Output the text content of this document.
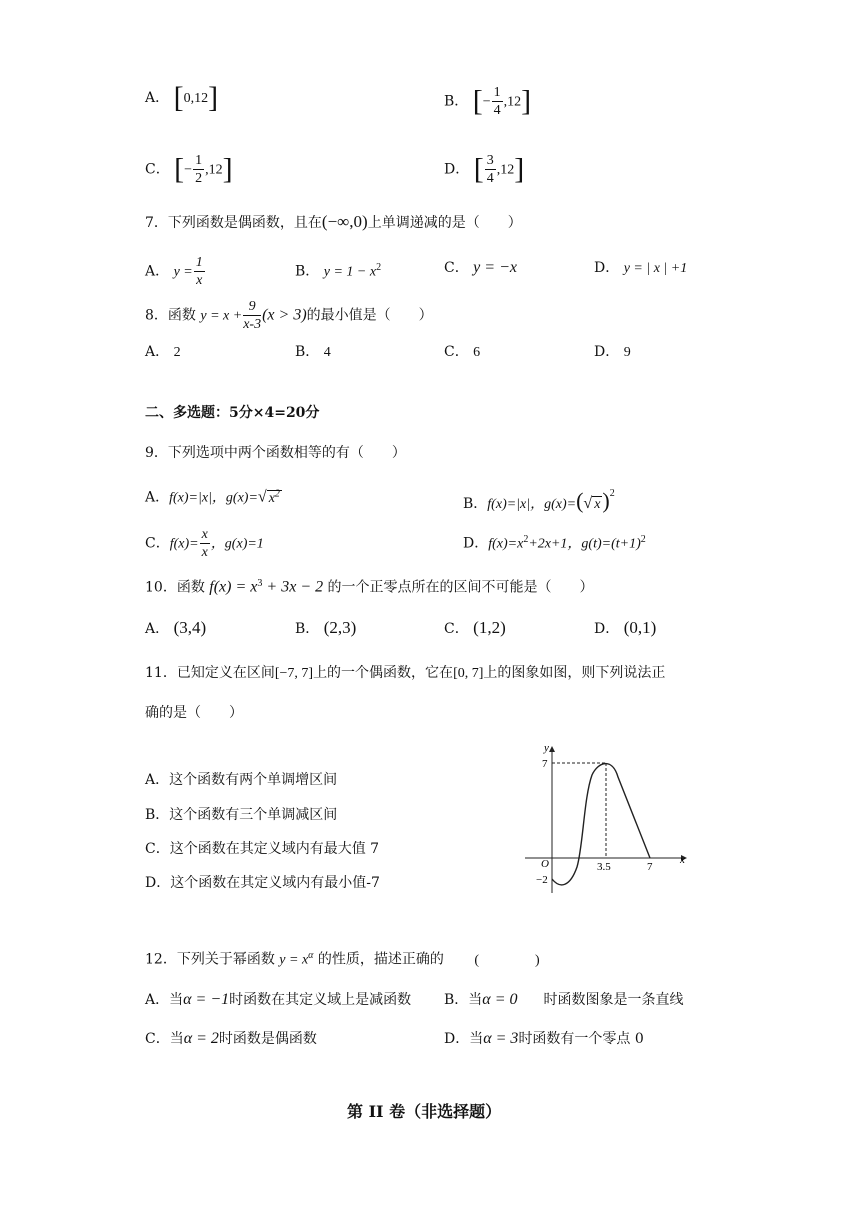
A． [0,12]	B． [− $\frac{1}{4} ,12$]
C． [− $\frac{1}{2} ,12$]	D． [ $\frac{3}{4} ,12$]
7．下列函数是偶函数，且在(−∞,0)上单调递减的是（　　）
A． $y = \frac{1}{x}$	B． $y = 1 - x^2$	C． y = −x	D． y = | x | +1
8．函数 $y = x + \frac{9}{x-3} (x > 3)$的最小值是（　　）
A． 2	B． 4	C． 6	D． 9
二、多选题：5分×4=20分
9．下列选项中两个函数相等的有（　　）
A．f(x)=|x|，g(x)=√ $x^2$
B．f(x)=|x|，g(x)=(√ x)$^2$
C．$f(x)= \frac{x}{x}$ ，g(x)=1	D．$f(x)=x^2+2x+1$，$g(t)=(t+1)^2$
10．函数 $f(x) = x^3 + 3x - 2$ 的一个正零点所在的区间不可能是（　　）
A． (3,4)	B． (2,3)	C． (1,2)	D． (0,1)
11．已知定义在区间[−7, 7]上的一个偶函数，它在[0, 7]上的图象如图，则下列说法正
确的是（　　）
A．这个函数有两个单调增区间
B．这个函数有三个单调减区间
C．这个函数在其定义域内有最大值 7
D．这个函数在其定义域内有最小值-7
y
x
O
7
−2
3.5	7
12．下列关于幂函数 $y = x^\alpha$ 的性质，描述正确的 (　　　　)
A．当α = −1时函数在其定义域上是减函数 B．当α = 0 时函数图象是一条直线
C．当α = 2时函数是偶函数	D．当α = 3时函数有一个零点 0
第 II 卷（非选择题）
